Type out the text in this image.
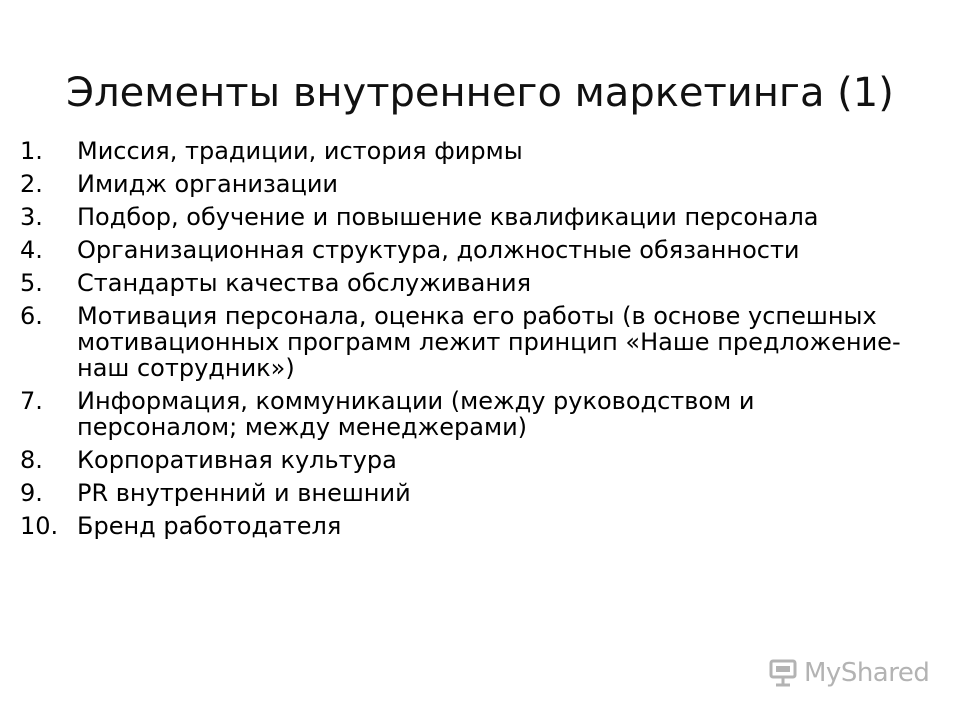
Элементы внутреннего маркетинга (1)
1.	Миссия, традиции, история фирмы
2.	Имидж организации
3.	Подбор, обучение и повышение квалификации персонала
4.	Организационная структура, должностные обязанности
5.	Стандарты качества обслуживания
6.	Мотивация персонала, оценка его работы (в основе успешных мотивационных программ лежит принцип «Наше предложение-наш сотрудник»)
7.	Информация, коммуникации (между руководством и персоналом; между менеджерами)
8.	Корпоративная культура
9.	PR внутренний и внешний
10. Бренд работодателя
MyShared
